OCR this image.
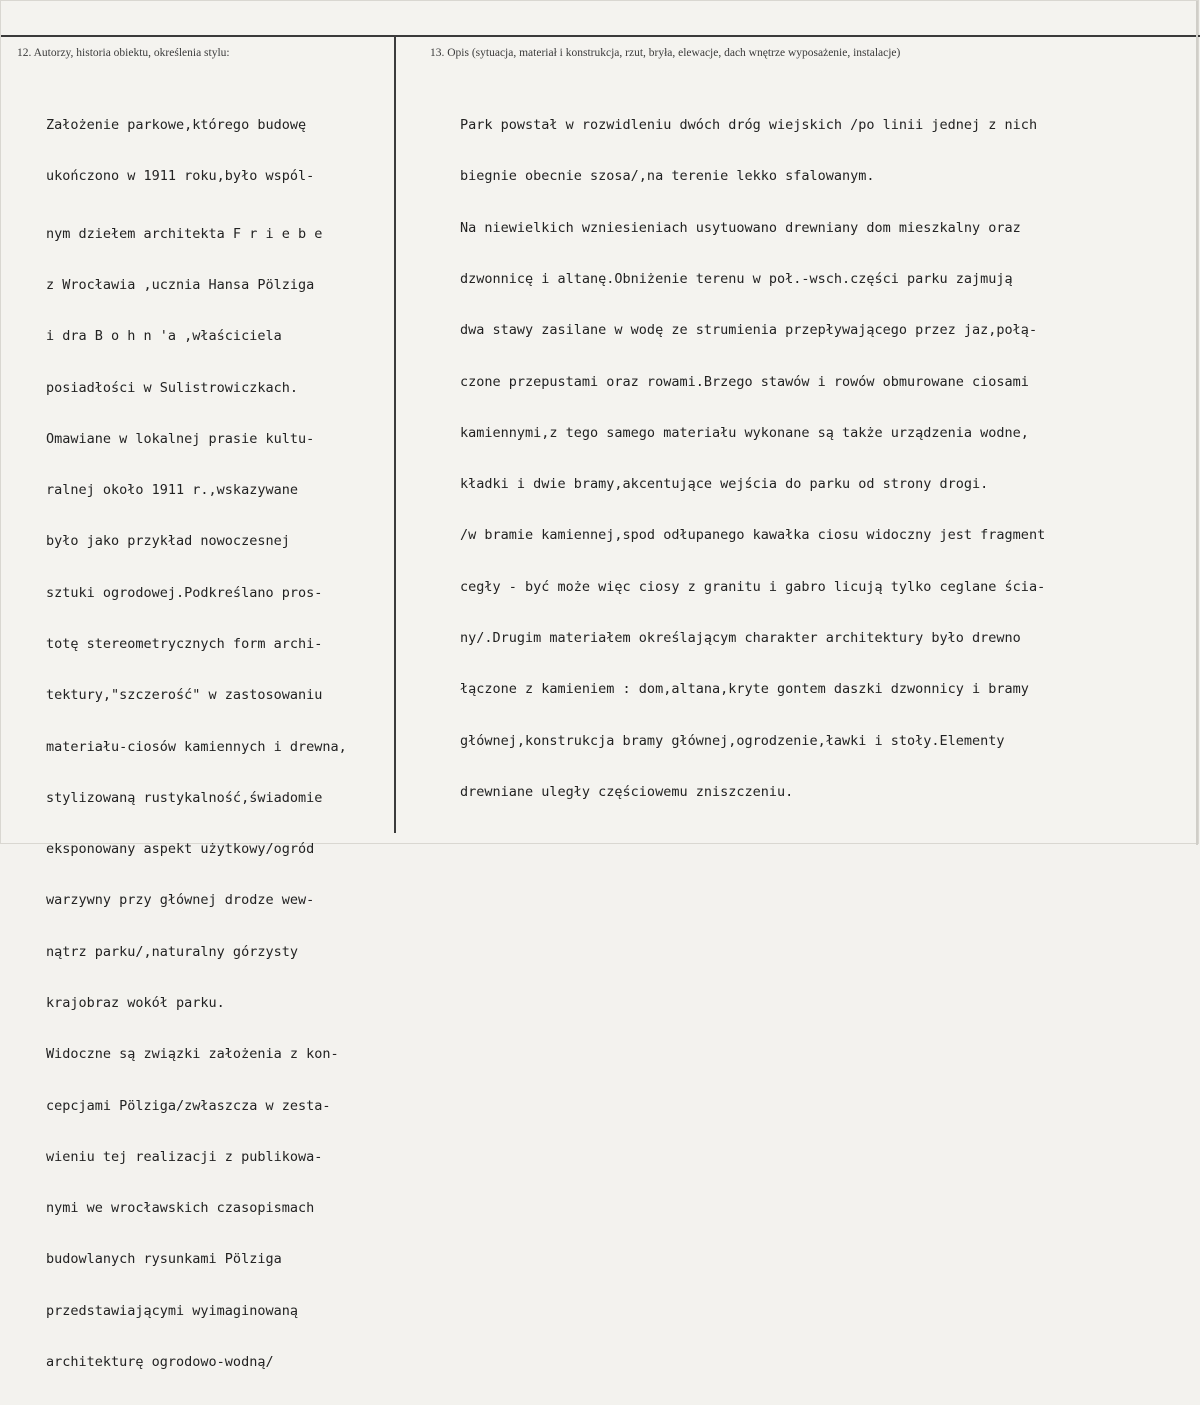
12. Autorzy, historia obiektu, określenia stylu:	13. Opis (sytuacja, materiał i konstrukcja, rzut, bryła, elewacje, dach wnętrze wyposażenie, instalacje)

Założenie parkowe,którego budowę

ukończono w 1911 roku,było wspól-

nym dziełem architekta F r i e b e

z Wrocławia ,ucznia Hansa Pölziga

i dra B o h n 'a ,właściciela

posiadłości w Sulistrowiczkach.

Omawiane w lokalnej prasie kultu-

ralnej około 1911 r.,wskazywane

było jako przykład nowoczesnej

sztuki ogrodowej.Podkreślano pros-

totę stereometrycznych form archi-

tektury,"szczerość" w zastosowaniu

materiału-ciosów kamiennych i drewna,

stylizowaną rustykalność,świadomie

eksponowany aspekt użytkowy/ogród

warzywny przy głównej drodze wew-

nątrz parku/,naturalny górzysty

krajobraz wokół parku.

Widoczne są związki założenia z kon-

cepcjami Pölziga/zwłaszcza w zesta-

wieniu tej realizacji z publikowa-

nymi we wrocławskich czasopismach

budowlanych rysunkami Pölziga

przedstawiającymi wyimaginowaną

architekturę ogrodowo-wodną/

Park powstał w rozwidleniu dwóch dróg wiejskich /po linii jednej z nich

biegnie obecnie szosa/,na terenie lekko sfalowanym.

Na niewielkich wzniesieniach usytuowano drewniany dom mieszkalny oraz

dzwonnicę i altanę.Obniżenie terenu w poł.-wsch.części parku zajmują

dwa stawy zasilane w wodę ze strumienia przepływającego przez jaz,połą-

czone przepustami oraz rowami.Brzego stawów i rowów obmurowane ciosami

kamiennymi,z tego samego materiału wykonane są także urządzenia wodne,

kładki i dwie bramy,akcentujące wejścia do parku od strony drogi.

/w bramie kamiennej,spod odłupanego kawałka ciosu widoczny jest fragment

cegły - być może więc ciosy z granitu i gabro licują tylko ceglane ścia-

ny/.Drugim materiałem określającym charakter architektury było drewno

łączone z kamieniem : dom,altana,kryte gontem daszki dzwonnicy i bramy

głównej,konstrukcja bramy głównej,ogrodzenie,ławki i stoły.Elementy

drewniane uległy częściowemu zniszczeniu.
